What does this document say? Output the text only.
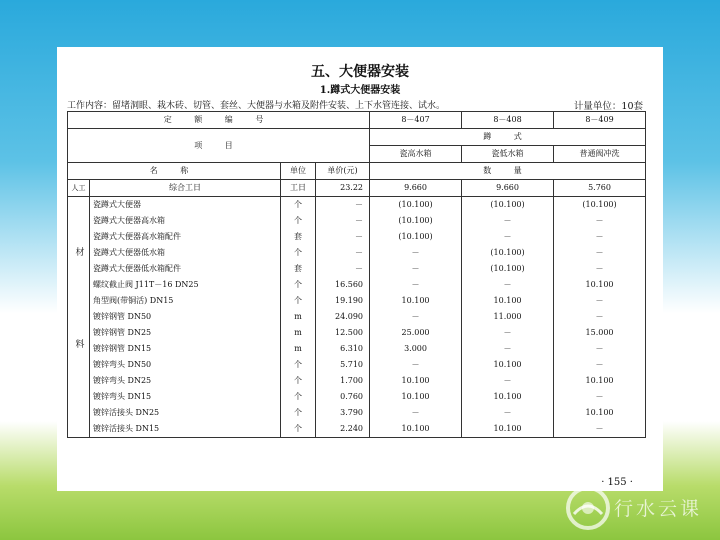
五、大便器安装
1.蹲式大便器安装
工作内容：留堵洞眼、栽木砖、切管、套丝、大便器与水箱及附件安装、上下水管连接、试水。	计量单位：10套
定 额 编 号				8－407	8－408	8－409
项 目				蹲 式		
				瓷高水箱	瓷低水箱	普通阀冲洗
名 称		单位	单价(元)	数 量		
人工	综合工日	工日	23.22	9.660	9.660	5.760
材 料	瓷蹲式大便器	个	－	(10.100)	(10.100)	(10.100)
	瓷蹲式大便器高水箱	个	－	(10.100)	－	－
	瓷蹲式大便器高水箱配件	套	－	(10.100)	－	－
	瓷蹲式大便器低水箱	个	－	－	(10.100)	－
	瓷蹲式大便器低水箱配件	套	－	－	(10.100)	－
	螺纹截止阀 J11T－16 DN25	个	16.560	－	－	10.100
	角型阀(带铜活) DN15	个	19.190	10.100	10.100	－
	镀锌钢管 DN50	m	24.090	－	11.000	－
	镀锌钢管 DN25	m	12.500	25.000	－	15.000
	镀锌钢管 DN15	m	6.310	3.000	－	－
	镀锌弯头 DN50	个	5.710	－	10.100	－
	镀锌弯头 DN25	个	1.700	10.100	－	10.100
	镀锌弯头 DN15	个	0.760	10.100	10.100	－
	镀锌活接头 DN25	个	3.790	－	－	10.100
	镀锌活接头 DN15	个	2.240	10.100	10.100	－
· 155 ·
行水云课
